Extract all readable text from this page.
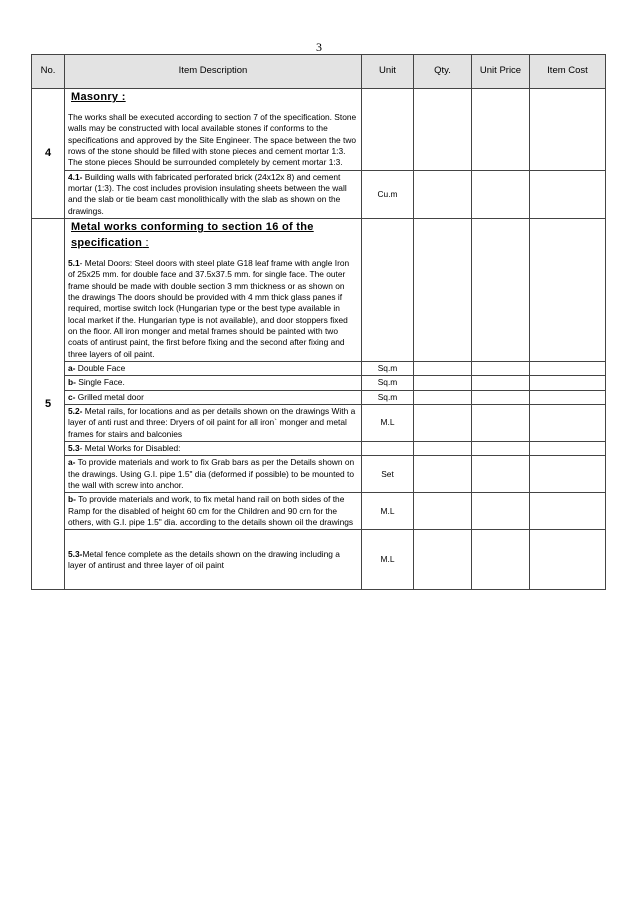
3
No.	Item Description	Unit	Qty.	Unit Price	Item Cost
4	Masonry :
The works shall be executed according to section 7 of the specification. Stone walls may be constructed with local available stones if conforms to the specifications and approved by the Site Engineer. The space between the two rows of the stone should be filled with stone pieces and cement mortar 1:3. The stone pieces Should be surrounded completely by cement mortar 1:3.				

	4.1- Building walls with fabricated perforated brick (24x12x 8) and cement mortar (1:3). The cost includes provision insulating sheets between the wall and the slab or tie beam cast monolithically with the slab as shown on the drawings.	Cu.m			
5	Metal works conforming to section 16 of the specification :
5.1- Metal Doors: Steel doors with steel plate G18 leaf frame with angle Iron of 25x25 mm. for double face and 37.5x37.5 mm. for single face. The outer frame should be made with double section 3 mm thickness or as shown on the drawings The doors should be provided with 4 mm thick glass panes if required, mortise switch lock (Hungarian type or the best type available in local market if the. Hungarian type is not available), and door stoppers fixed on the floor. All iron monger and metal frames should be painted with two coats of antirust paint, the first before fixing and the second after fixing and three layers of oil paint.				

	a- Double Face	Sq.m			
	b- Single Face.	Sq.m			
	c- Grilled metal door	Sq.m			
	5.2- Metal rails, for locations and as per details shown on the drawings With a layer of anti rust and three: Dryers of oil paint for all iron` monger and metal frames for stairs and balconies	M.L			
	5.3- Metal Works for Disabled:				
	a- To provide materials and work to fix Grab bars as per the Details shown on the drawings. Using G.I. pipe 1.5" dia (deformed if possible) to be mounted to the wall with screw into anchor.	Set			
	b- To provide materials and work, to fix metal hand rail on both sides of the Ramp for the disabled of height 60 cm for the Children and 90 crn for the others, with G.I. pipe 1.5" dia. according to the details shown oil the drawings	M.L			
	5.3-Metal fence complete as the details shown on the drawing including a layer of antirust and three layer of oil paint	M.L			
